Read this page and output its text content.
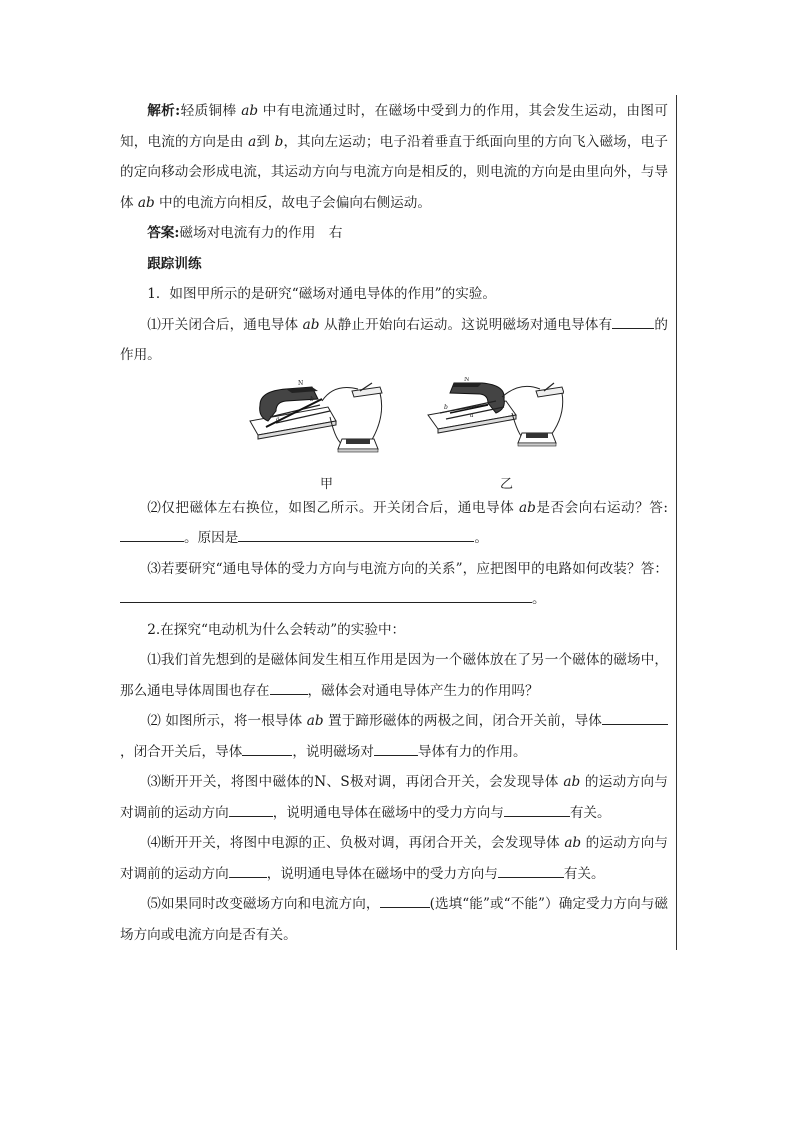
解析:轻质铜棒 ab 中有电流通过时，在磁场中受到力的作用，其会发生运动，由图可知，电流的方向是由 a到 b，其向左运动；电子沿着垂直于纸面向里的方向飞入磁场，电子的定向移动会形成电流，其运动方向与电流方向是相反的，则电流的方向是由里向外，与导体 ab 中的电流方向相反，故电子会偏向右侧运动。

答案:磁场对电流有力的作用　右

跟踪训练

1．如图甲所示的是研究“磁场对通电导体的作用”的实验。

⑴开关闭合后，通电导体 ab 从静止开始向右运动。这说明磁场对通电导体有	的作用。

N
b
a
甲
N
b
a
乙

⑵仅把磁体左右换位，如图乙所示。开关闭合后，通电导体 ab是否会向右运动？答:。原因是	。

⑶若要研究“通电导体的受力方向与电流方向的关系”，应把图甲的电路如何改装？答：。

2.在探究“电动机为什么会转动”的实验中：

⑴我们首先想到的是磁体间发生相互作用是因为一个磁体放在了另一个磁体的磁场中，那么通电导体周围也存在	，磁体会对通电导体产生力的作用吗？

⑵ 如图所示，将一根导体 ab 置于蹄形磁体的两极之间，闭合开关前，导体，闭合开关后，导体	，说明磁场对	导体有力的作用。

⑶断开开关，将图中磁体的N、S极对调，再闭合开关，会发现导体 ab 的运动方向与对调前的运动方向	，说明通电导体在磁场中的受力方向与	有关。

⑷断开开关，将图中电源的正、负极对调，再闭合开关，会发现导体 ab 的运动方向与对调前的运动方向	，说明通电导体在磁场中的受力方向与	有关。

⑸如果同时改变磁场方向和电流方向，	(选填“能”或“不能”）确定受力方向与磁场方向或电流方向是否有关。
